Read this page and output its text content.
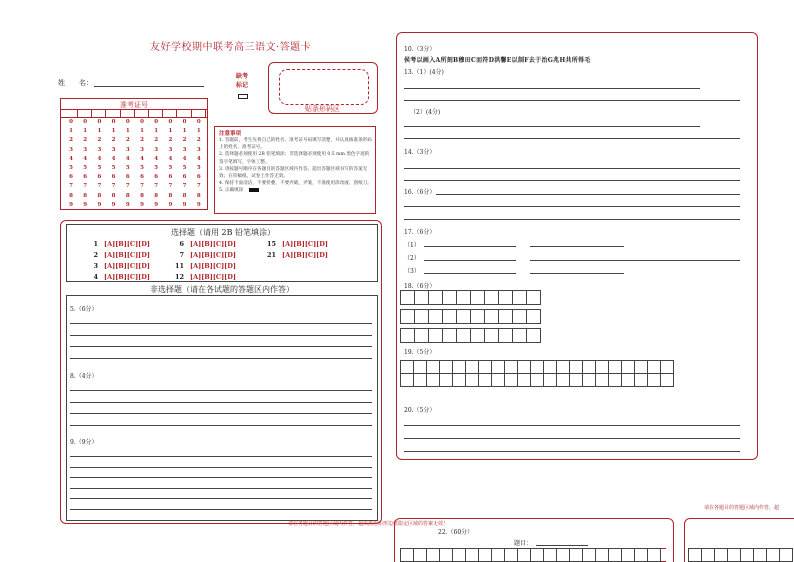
友好学校期中联考高三语文·答题卡
姓　　名：
缺考
标记
贴条形码区
准考证号
0
1
2
3
4
5
6
7
8
9
0
1
2
3
4
5
6
7
8
9
0
1
2
3
4
5
6
7
8
9
0
1
2
3
4
5
6
7
8
9
0
1
2
3
4
5
6
7
8
9
0
1
2
3
4
5
6
7
8
9
0
1
2
3
4
5
6
7
8
9
0
1
2
3
4
5
6
7
8
9
0
1
2
3
4
5
6
7
8
9
0
1
2
3
4
5
6
7
8
9
注意事项
1. 答题前，考生先将自己的姓名、准考证号码填写清楚，并认真核准条形码上的姓名、准考证号。
2. 选择题必须使用 2B 铅笔填涂；非选择题必须使用 0.5 mm 黑色字迹的签字笔填写，字体工整。
3. 请按题号顺序在各题目的答题区域内作答，超出答题区域书写的答案无效；在草稿纸、试卷上作答无效。
4. 保持卡面清洁，不要折叠、不要弄破、弄皱，不准使用涂改液、刮纸刀。
5. 正确填涂
选择题（请用 2B 铅笔填涂）
1 [A][B][C][D]
2 [A][B][C][D]
3 [A][B][C][D]
4 [A][B][C][D]
6 [A][B][C][D]
7 [A][B][C][D]
11 [A][B][C][D]
12 [A][B][C][D]
15 [A][B][C][D]
21 [A][B][C][D]
非选择题（请在各试题的答题区内作答）
5.（6分）
8.（4分）
9.（9分）
10.（3分）
侯考以画入A所刻B穆田C而符D洪馨E以制F去于治G兆H共所得毛
13.（1）(4分)
（2）(4分)
14.（3分）
16.（6分）
17.（6分）
（1）
（2）
（3）
18.（6分）
19.（5分）
20.（5分）
请在各题目的答题区域内作答，超出黑色矩形边框限定区域的答案无效！
请在各题目的答题区域内作答，超
22.（60分）
题目：
